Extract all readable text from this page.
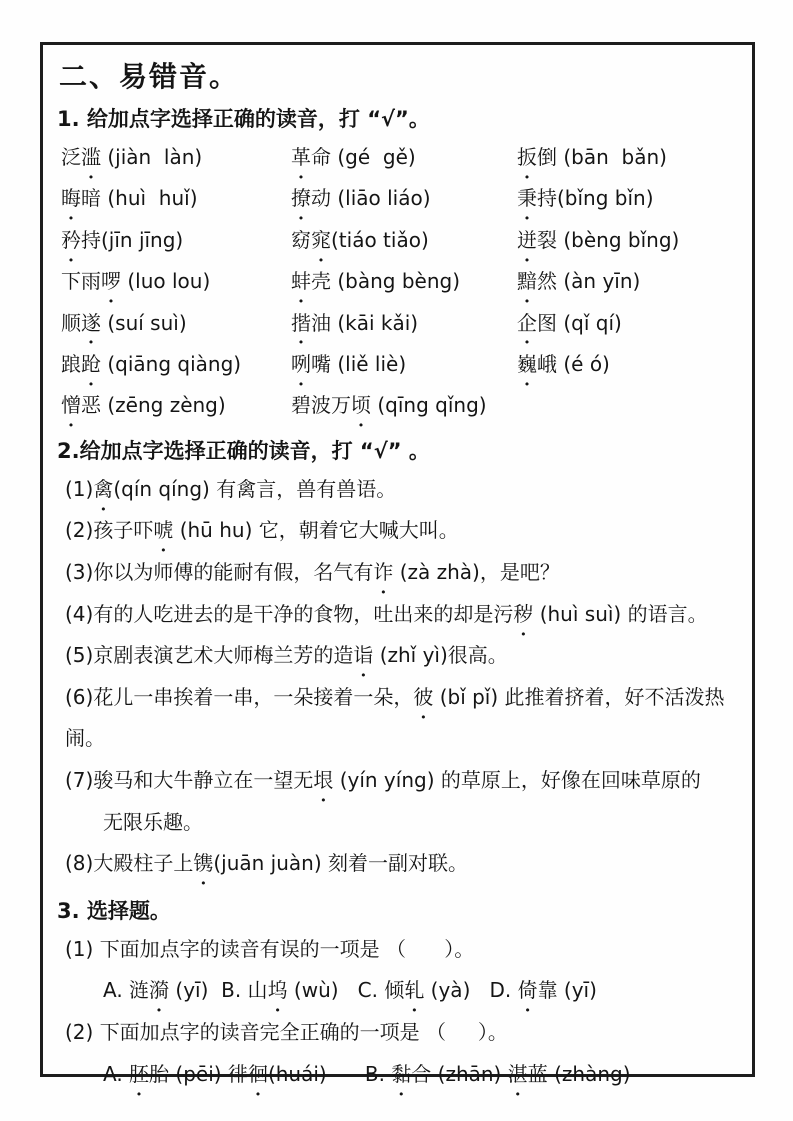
二、易错音。
1. 给加点字选择正确的读音，打 “√”。
泛滥 (jiàn  làn)	革命 (gé  gě)	扳倒 (bān  bǎn)
晦暗 (huì  huǐ)	撩动 (liāo liáo)	秉持(bǐng bǐn)
矜持(jīn jīng)	窈窕(tiáo tiǎo)	迸裂 (bèng bǐng)
下雨啰 (luo lou)	蚌壳 (bàng bèng)	黯然 (àn yīn)
顺遂 (suí suì)	揩油 (kāi kǎi)	企图 (qǐ qí)
踉跄 (qiāng qiàng)	咧嘴 (liě liè)	巍峨 (é ó)
憎恶 (zēng zèng)	碧波万顷 (qīng qǐng)
2.给加点字选择正确的读音，打 “√” 。
(1)禽(qín qíng) 有禽言，兽有兽语。
(2)孩子吓唬 (hū hu) 它，朝着它大喊大叫。
(3)你以为师傅的能耐有假，名气有诈 (zà zhà)，是吧？
(4)有的人吃进去的是干净的食物，吐出来的却是污秽 (huì suì) 的语言。
(5)京剧表演艺术大师梅兰芳的造诣 (zhǐ yì)很高。
(6)花儿一串挨着一串，一朵接着一朵，彼 (bǐ pǐ) 此推着挤着，好不活泼热闹。
(7)骏马和大牛静立在一望无垠 (yín yíng) 的草原上，好像在回味草原的
无限乐趣。
(8)大殿柱子上镌(juān juàn) 刻着一副对联。
3. 选择题。
(1) 下面加点字的读音有误的一项是 （      ）。
A. 涟漪 (yī)  B. 山坞 (wù)   C. 倾轧 (yà)   D. 倚靠 (yī)
(2) 下面加点字的读音完全正确的一项是 （     ）。
A. 胚胎 (pēi) 徘徊(huái)      B. 黏合 (zhān) 湛蓝 (zhàng)
